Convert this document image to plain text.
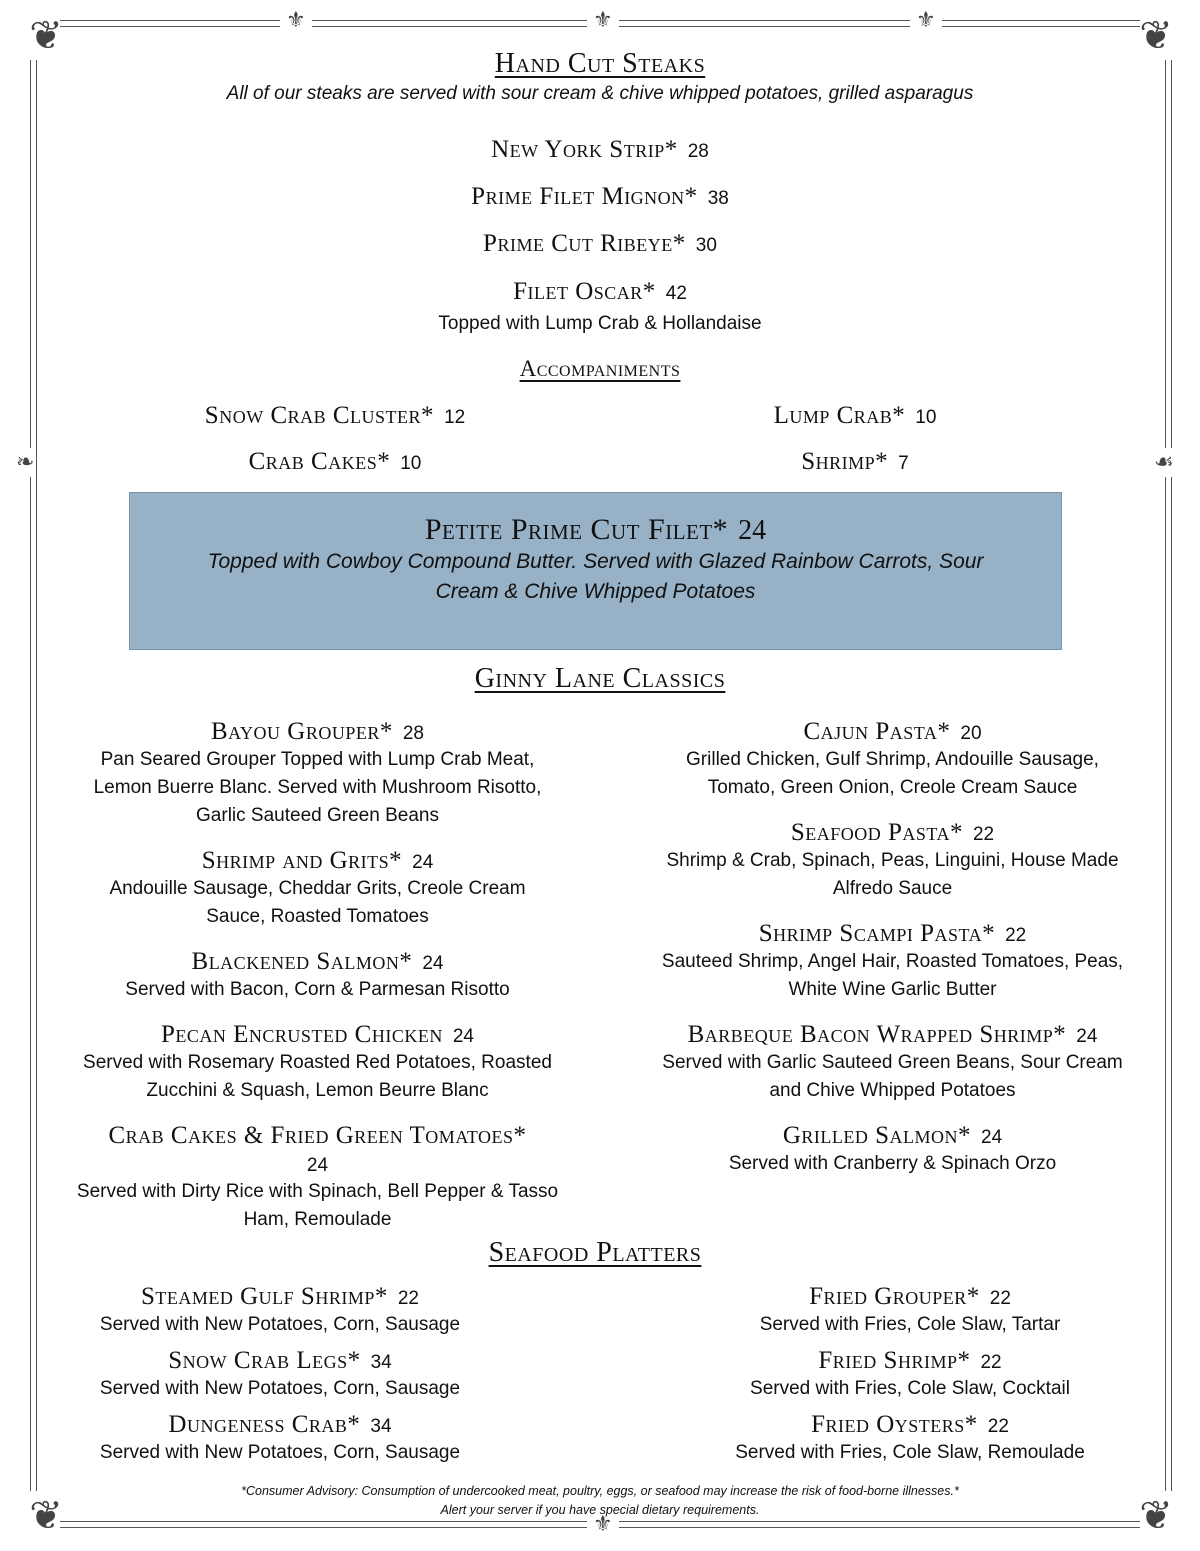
❦	❦
❦	❦
⚜	⚜	⚜
⚜
❧	☙
Hand Cut Steaks
All of our steaks are served with sour cream & chive whipped potatoes, grilled asparagus
New York Strip* 28
Prime Filet Mignon* 38
Prime Cut Ribeye* 30
Filet Oscar* 42
Topped with Lump Crab & Hollandaise
Accompaniments
Snow Crab Cluster* 12
Crab Cakes* 10
Lump Crab* 10
Shrimp* 7
Petite Prime Cut Filet* 24
Topped with Cowboy Compound Butter. Served with Glazed Rainbow Carrots, Sour
Cream & Chive Whipped Potatoes
Ginny Lane Classics
Bayou Grouper* 28
Pan Seared Grouper Topped with Lump Crab Meat,
Lemon Buerre Blanc. Served with Mushroom Risotto,
Garlic Sauteed Green Beans
Shrimp and Grits* 24
Andouille Sausage, Cheddar Grits, Creole Cream
Sauce, Roasted Tomatoes
Blackened Salmon* 24
Served with Bacon, Corn & Parmesan Risotto
Pecan Encrusted Chicken 24
Served with Rosemary Roasted Red Potatoes, Roasted
Zucchini & Squash, Lemon Beurre Blanc
Crab Cakes & Fried Green Tomatoes*
24
Served with Dirty Rice with Spinach, Bell Pepper & Tasso
Ham, Remoulade
Cajun Pasta* 20
Grilled Chicken, Gulf Shrimp, Andouille Sausage,
Tomato, Green Onion, Creole Cream Sauce
Seafood Pasta* 22
Shrimp & Crab, Spinach, Peas, Linguini, House Made
Alfredo Sauce
Shrimp Scampi Pasta* 22
Sauteed Shrimp, Angel Hair, Roasted Tomatoes, Peas,
White Wine Garlic Butter
Barbeque Bacon Wrapped Shrimp* 24
Served with Garlic Sauteed Green Beans, Sour Cream
and Chive Whipped Potatoes
Grilled Salmon* 24
Served with Cranberry & Spinach Orzo
Seafood Platters
Steamed Gulf Shrimp* 22
Served with New Potatoes, Corn, Sausage
Snow Crab Legs* 34
Served with New Potatoes, Corn, Sausage
Dungeness Crab* 34
Served with New Potatoes, Corn, Sausage
Fried Grouper* 22
Served with Fries, Cole Slaw, Tartar
Fried Shrimp* 22
Served with Fries, Cole Slaw, Cocktail
Fried Oysters* 22
Served with Fries, Cole Slaw, Remoulade
*Consumer Advisory: Consumption of undercooked meat, poultry, eggs, or seafood may increase the risk of food-borne illnesses.*
Alert your server if you have special dietary requirements.
